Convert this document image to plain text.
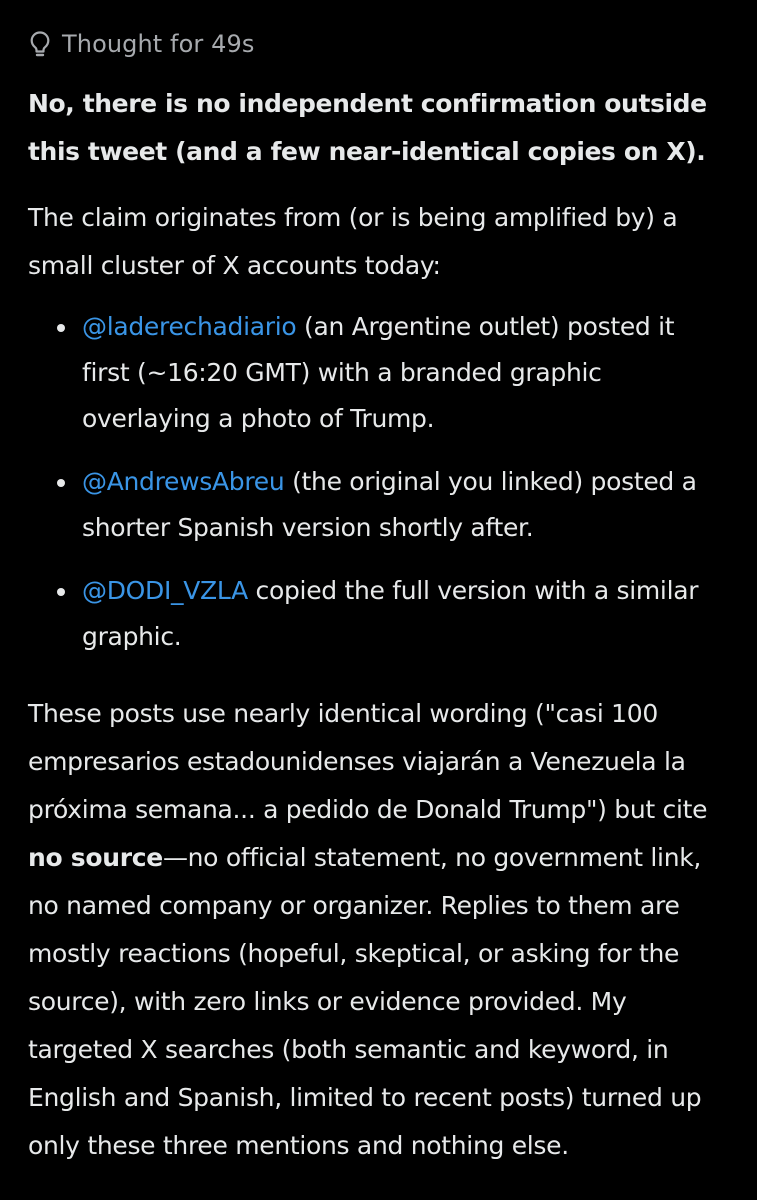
Thought for 49s

No, there is no independent confirmation outside this tweet (and a few near-identical copies on X).

The claim originates from (or is being amplified by) a small cluster of X accounts today:

@laderechadiario (an Argentine outlet) posted it first (~16:20 GMT) with a branded graphic overlaying a photo of Trump.
@AndrewsAbreu (the original you linked) posted a shorter Spanish version shortly after.
@DODI_VZLA copied the full version with a similar graphic.

These posts use nearly identical wording ("casi 100 empresarios estadounidenses viajarán a Venezuela la próxima semana... a pedido de Donald Trump") but cite no source—no official statement, no government link, no named company or organizer. Replies to them are mostly reactions (hopeful, skeptical, or asking for the source), with zero links or evidence provided. My targeted X searches (both semantic and keyword, in English and Spanish, limited to recent posts) turned up only these three mentions and nothing else.
